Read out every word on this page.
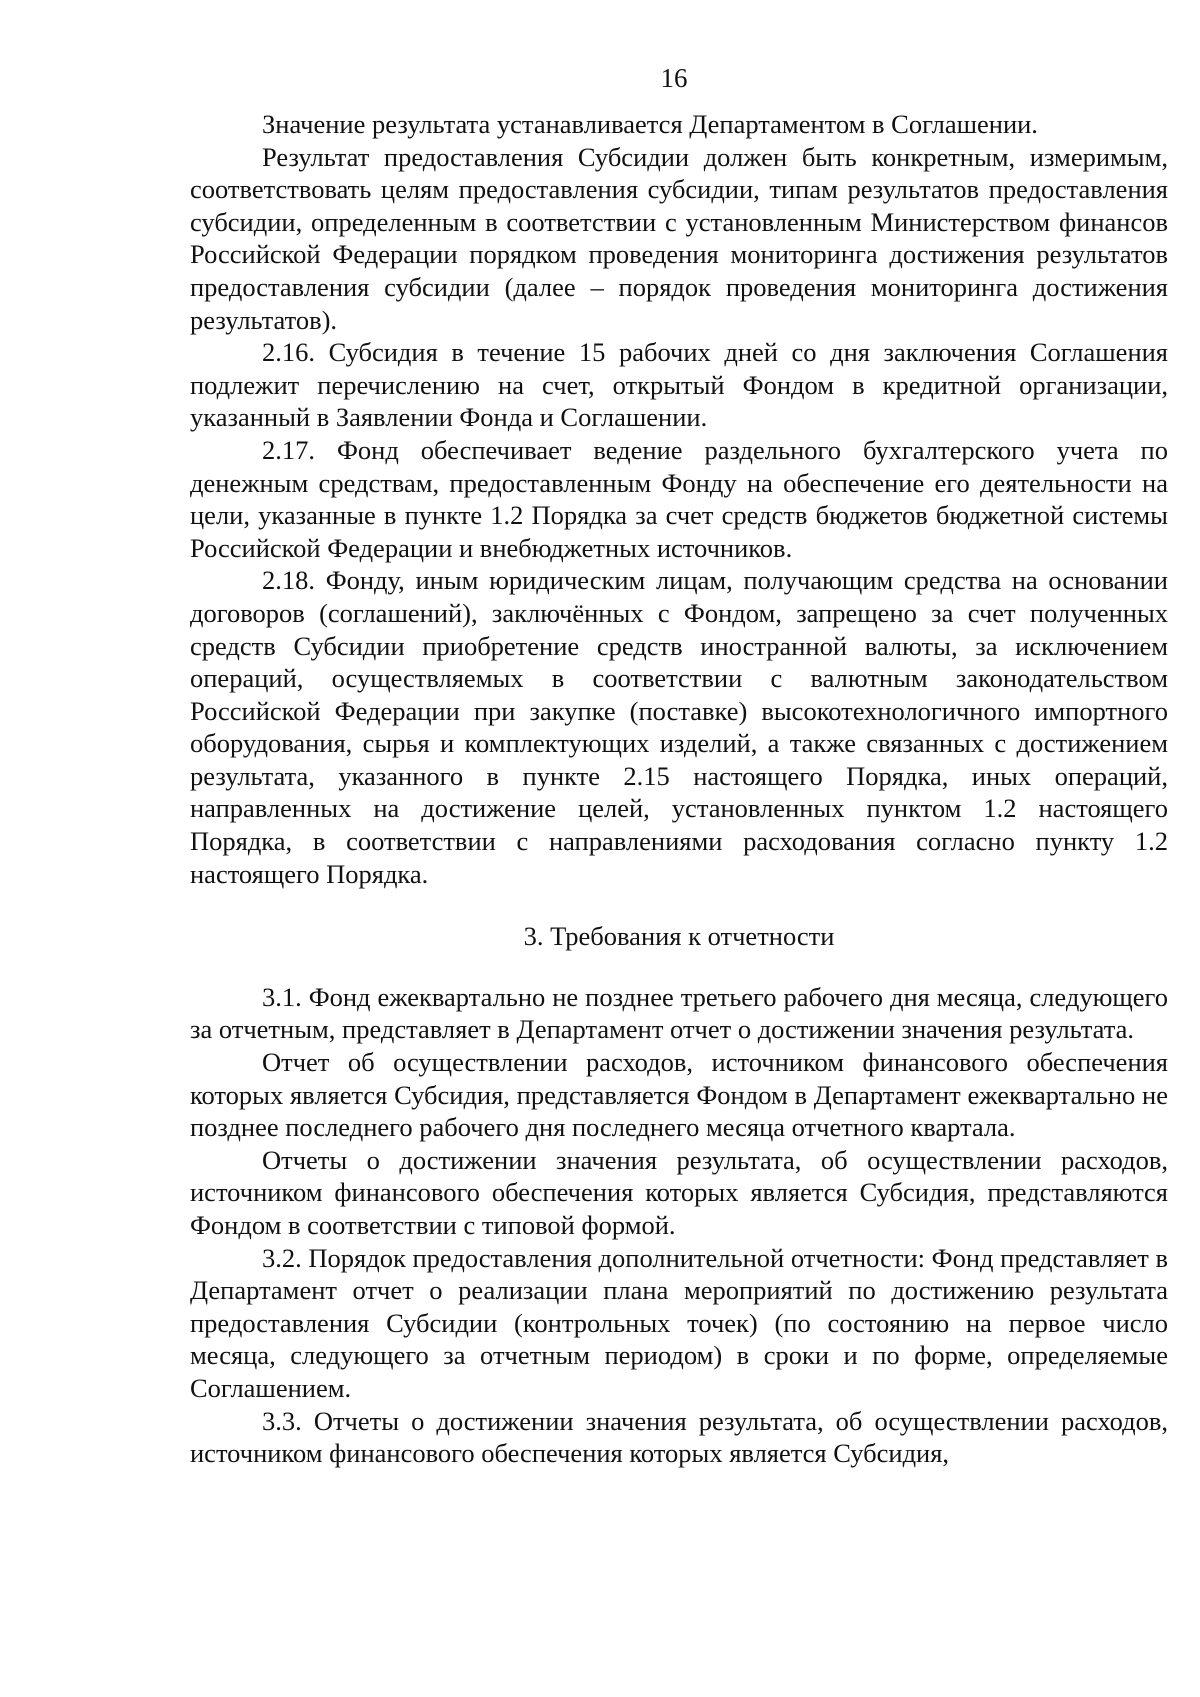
16

Значение результата устанавливается Департаментом в Соглашении.

Результат предоставления Субсидии должен быть конкретным, измеримым, соответствовать целям предоставления субсидии, типам результатов предоставления субсидии, определенным в соответствии с установленным Министерством финансов Российской Федерации порядком проведения мониторинга достижения результатов предоставления субсидии (далее – порядок проведения мониторинга достижения результатов).

2.16. Субсидия в течение 15 рабочих дней со дня заключения Соглашения подлежит перечислению на счет, открытый Фондом в кредитной организации, указанный в Заявлении Фонда и Соглашении.

2.17. Фонд обеспечивает ведение раздельного бухгалтерского учета по денежным средствам, предоставленным Фонду на обеспечение его деятельности на цели, указанные в пункте 1.2 Порядка за счет средств бюджетов бюджетной системы Российской Федерации и внебюджетных источников.

2.18. Фонду, иным юридическим лицам, получающим средства на основании договоров (соглашений), заключённых с Фондом, запрещено за счет полученных средств Субсидии приобретение средств иностранной валюты, за исключением операций, осуществляемых в соответствии с валютным законодательством Российской Федерации при закупке (поставке) высокотехнологичного импортного оборудования, сырья и комплектующих изделий, а также связанных с достижением результата, указанного в пункте 2.15 настоящего Порядка, иных операций, направленных на достижение целей, установленных пунктом 1.2 настоящего Порядка, в соответствии с направлениями расходования согласно пункту 1.2 настоящего Порядка.

3. Требования к отчетности

3.1. Фонд ежеквартально не позднее третьего рабочего дня месяца, следующего за отчетным, представляет в Департамент отчет о достижении значения результата.

Отчет об осуществлении расходов, источником финансового обеспечения которых является Субсидия, представляется Фондом в Департамент ежеквартально не позднее последнего рабочего дня последнего месяца отчетного квартала.

Отчеты о достижении значения результата, об осуществлении расходов, источником финансового обеспечения которых является Субсидия, представляются Фондом в соответствии с типовой формой.

3.2. Порядок предоставления дополнительной отчетности: Фонд представляет в Департамент отчет о реализации плана мероприятий по достижению результата предоставления Субсидии (контрольных точек) (по состоянию на первое число месяца, следующего за отчетным периодом) в сроки и по форме, определяемые Соглашением.

3.3. Отчеты о достижении значения результата, об осуществлении расходов, источником финансового обеспечения которых является Субсидия,
